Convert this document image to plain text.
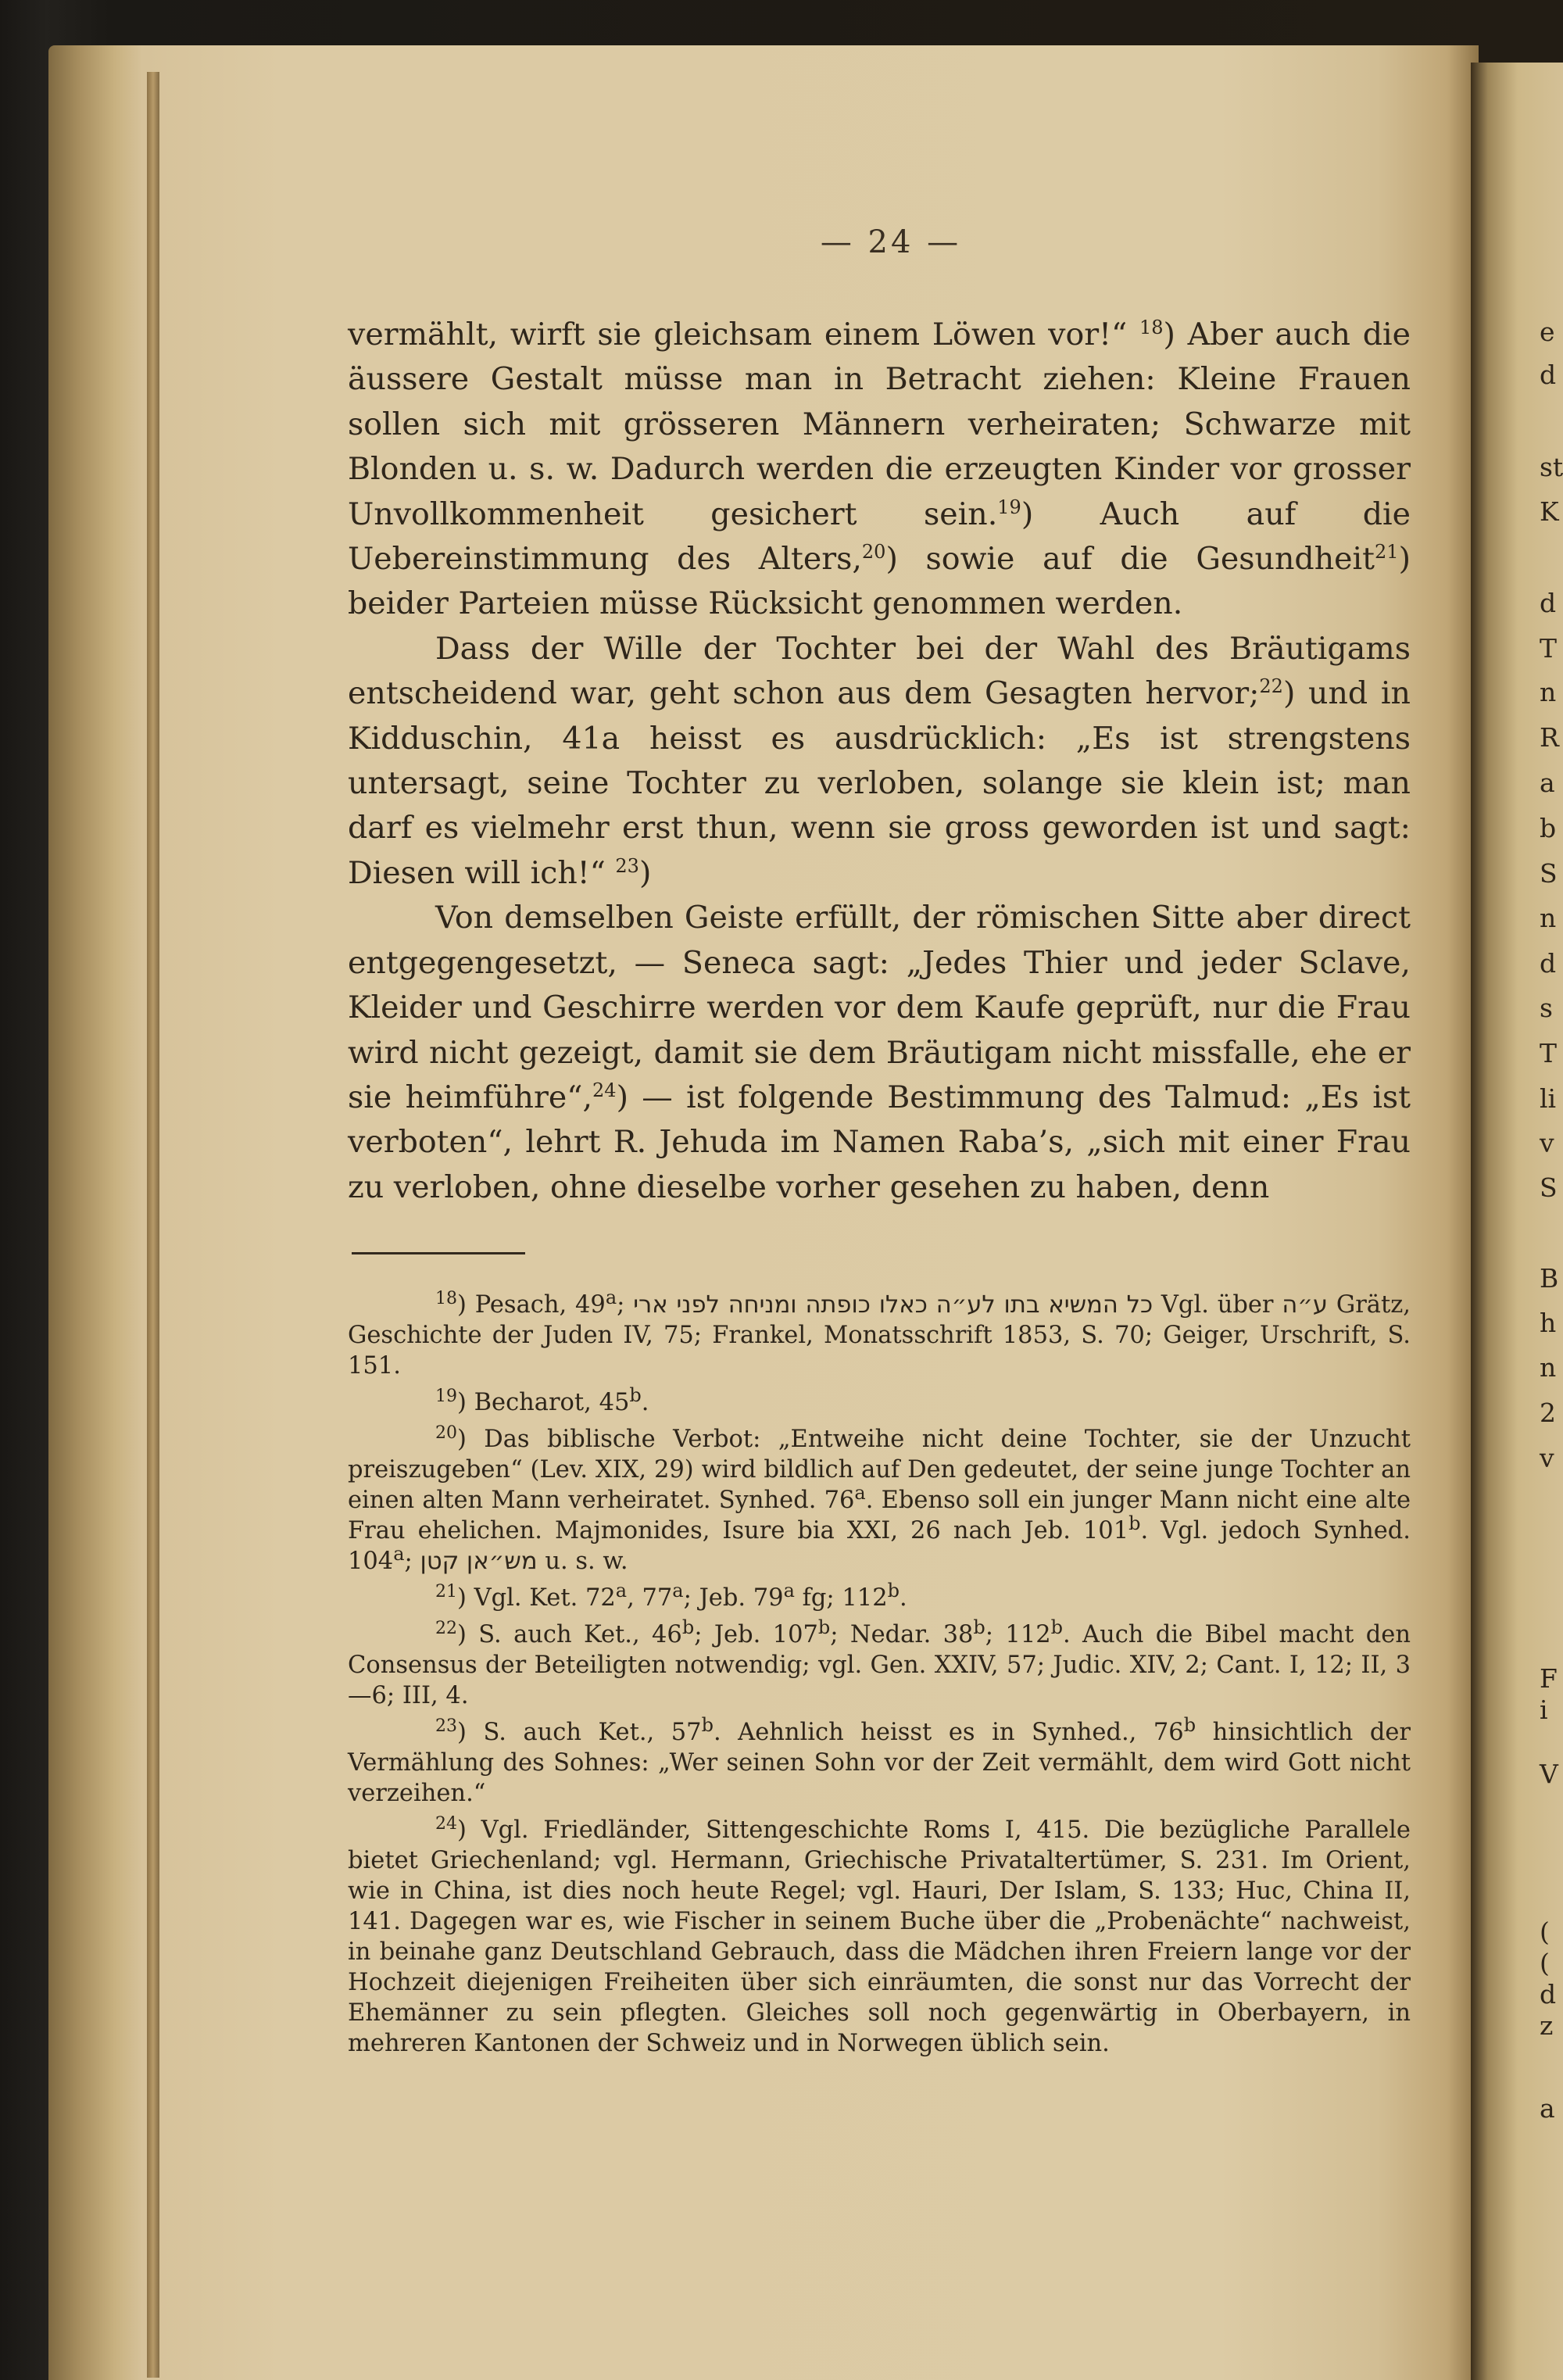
e
d
st
K
d
T
n
R
a
b
S
n
d
s
T
li
v
S
B
h
n
2
v
F
i
V
(
(
d
z
a
— 24 —

vermählt, wirft sie gleichsam einem Löwen vor!“ $^{18}$) Aber auch die äussere Gestalt müsse man in Betracht ziehen: Kleine Frauen sollen sich mit grösseren Männern verheiraten; Schwarze mit Blonden u. s. w. Dadurch werden die erzeugten Kinder vor grosser Unvollkommenheit gesichert sein.$^{19}$) Auch auf die Uebereinstimmung des Alters,$^{20}$) sowie auf die Gesundheit$^{21}$) beider Parteien müsse Rücksicht genommen werden.

Dass der Wille der Tochter bei der Wahl des Bräutigams entscheidend war, geht schon aus dem Gesagten hervor;$^{22}$) und in Kidduschin, 41a heisst es ausdrücklich: „Es ist strengstens untersagt, seine Tochter zu verloben, solange sie klein ist; man darf es vielmehr erst thun, wenn sie gross geworden ist und sagt: Diesen will ich!“ $^{23}$)

Von demselben Geiste erfüllt, der römischen Sitte aber direct entgegengesetzt, — Seneca sagt: „Jedes Thier und jeder Sclave, Kleider und Geschirre werden vor dem Kaufe geprüft, nur die Frau wird nicht gezeigt, damit sie dem Bräutigam nicht missfalle, ehe er sie heimführe“,$^{24}$) — ist folgende Bestimmung des Talmud: „Es ist verboten“, lehrt R. Jehuda im Namen Raba’s, „sich mit einer Frau zu verloben, ohne dieselbe vorher gesehen zu haben, denn

$^{18}$) Pesach, 49$^a$; כל המשיא בתו לע״ה כאלו כופתה ומניחה לפני ארי Vgl. über ע״ה Grätz, Geschichte der Juden IV, 75; Frankel, Monatsschrift 1853, S. 70; Geiger, Urschrift, S. 151.

$^{19}$) Becharot, 45$^b$.

$^{20}$) Das biblische Verbot: „Entweihe nicht deine Tochter, sie der Unzucht preiszugeben“ (Lev. XIX, 29) wird bildlich auf Den gedeutet, der seine junge Tochter an einen alten Mann verheiratet. Synhed. 76$^a$. Ebenso soll ein junger Mann nicht eine alte Frau ehelichen. Majmonides, Isure bia XXI, 26 nach Jeb. 101$^b$. Vgl. jedoch Synhed. 104$^a$; מש״אן קטן u. s. w.

$^{21}$) Vgl. Ket. 72$^a$, 77$^a$; Jeb. 79$^a$ fg; 112$^b$.

$^{22}$) S. auch Ket., 46$^b$; Jeb. 107$^b$; Nedar. 38$^b$; 112$^b$. Auch die Bibel macht den Consensus der Beteiligten notwendig; vgl. Gen. XXIV, 57; Judic. XIV, 2; Cant. I, 12; II, 3—6; III, 4.

$^{23}$) S. auch Ket., 57$^b$. Aehnlich heisst es in Synhed., 76$^b$ hinsichtlich der Vermählung des Sohnes: „Wer seinen Sohn vor der Zeit vermählt, dem wird Gott nicht verzeihen.“

$^{24}$) Vgl. Friedländer, Sittengeschichte Roms I, 415. Die bezügliche Parallele bietet Griechenland; vgl. Hermann, Griechische Privataltertümer, S. 231. Im Orient, wie in China, ist dies noch heute Regel; vgl. Hauri, Der Islam, S. 133; Huc, China II, 141. Dagegen war es, wie Fischer in seinem Buche über die „Probenächte“ nachweist, in beinahe ganz Deutschland Gebrauch, dass die Mädchen ihren Freiern lange vor der Hochzeit diejenigen Freiheiten über sich einräumten, die sonst nur das Vorrecht der Ehemänner zu sein pflegten. Gleiches soll noch gegenwärtig in Oberbayern, in mehreren Kantonen der Schweiz und in Norwegen üblich sein.
